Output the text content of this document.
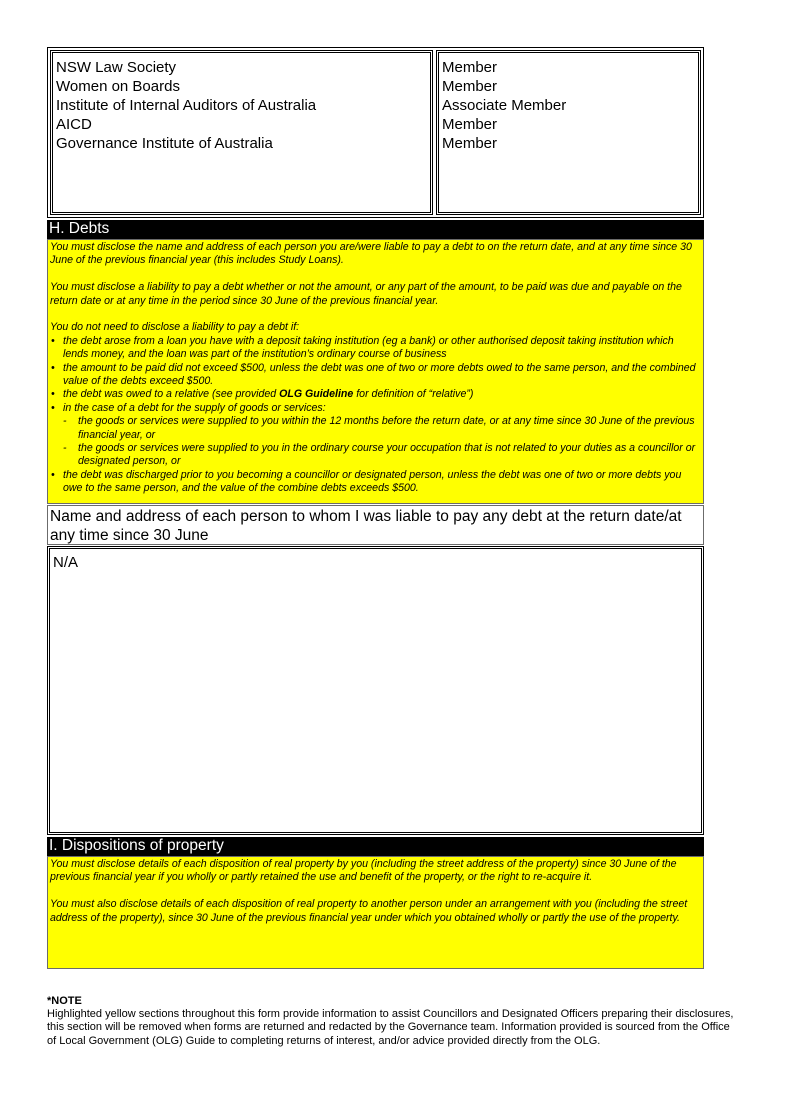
NSW Law Society
Women on Boards
Institute of Internal Auditors of Australia
AICD
Governance Institute of Australia
Member
Member
Associate Member
Member
Member
H. Debts

You must disclose the name and address of each person you are/were liable to pay a debt to on the return date, and at any time since 30 June of the previous financial year (this includes Study Loans).

You must disclose a liability to pay a debt whether or not the amount, or any part of the amount, to be paid was due and payable on the return date or at any time in the period since 30 June of the previous financial year.

You do not need to disclose a liability to pay a debt if:

• the debt arose from a loan you have with a deposit taking institution (eg a bank) or other authorised deposit taking institution which lends money, and the loan was part of the institution’s ordinary course of business
• the amount to be paid did not exceed $500, unless the debt was one of two or more debts owed to the same person, and the combined value of the debts exceed $500.
• the debt was owed to a relative (see provided OLG Guideline for definition of “relative”)
• in the case of a debt for the supply of goods or services:
-	the goods or services were supplied to you within the 12 months before the return date, or at any time since 30 June of the previous financial year, or
-	the goods or services were supplied to you in the ordinary course your occupation that is not related to your duties as a councillor or designated person, or
• the debt was discharged prior to you becoming a councillor or designated person, unless the debt was one of two or more debts you owe to the same person, and the value of the combine debts exceeds $500.
Name and address of each person to whom I was liable to pay any debt at the return date/at any time since 30 June
N/A
I. Dispositions of property

You must disclose details of each disposition of real property by you (including the street address of the property) since 30 June of the previous financial year if you wholly or partly retained the use and benefit of the property, or the right to re-acquire it.

You must also disclose details of each disposition of real property to another person under an arrangement with you (including the street address of the property), since 30 June of the previous financial year under which you obtained wholly or partly the use of the property.

*NOTE
Highlighted yellow sections throughout this form provide information to assist Councillors and Designated Officers preparing their disclosures, this section will be removed when forms are returned and redacted by the Governance team. Information provided is sourced from the Office of Local Government (OLG) Guide to completing returns of interest, and/or advice provided directly from the OLG.
